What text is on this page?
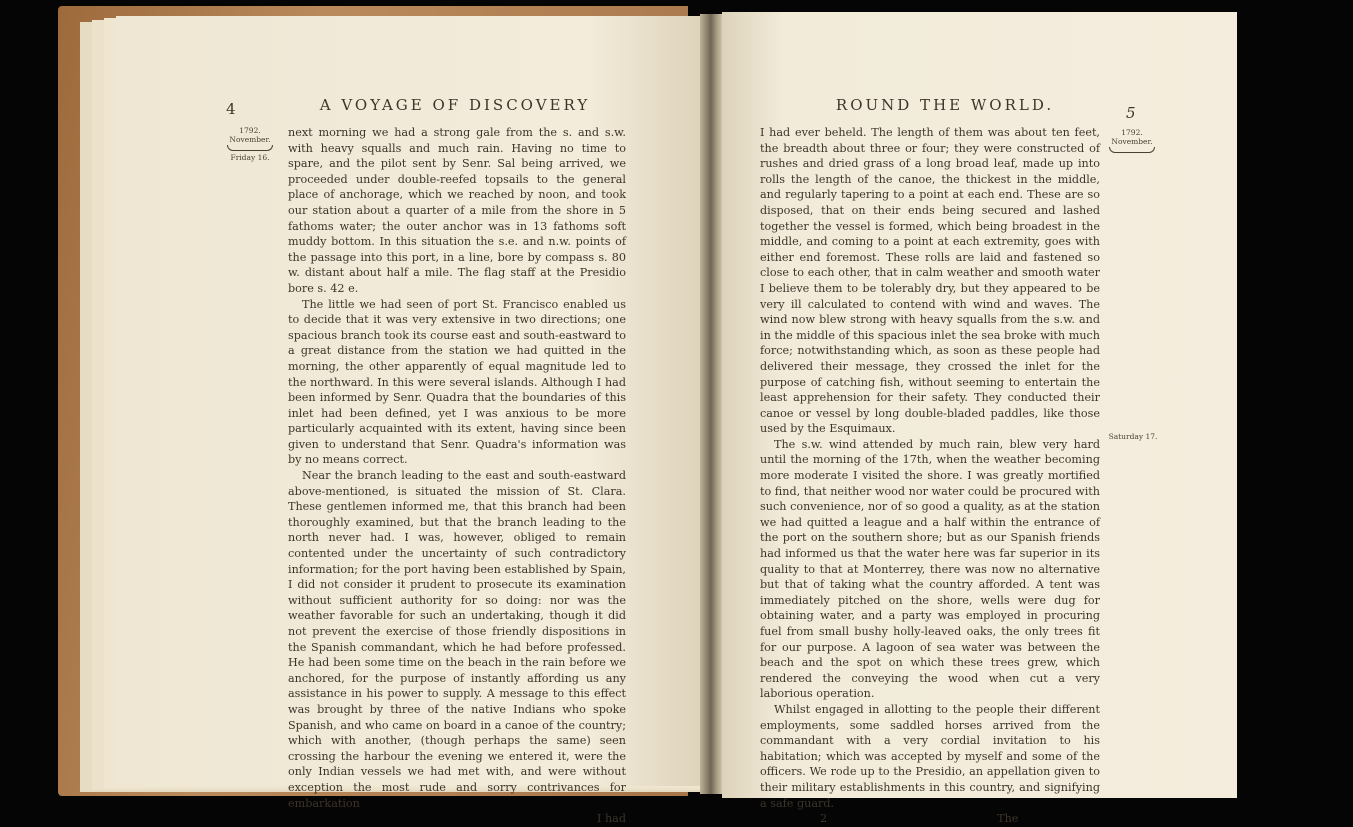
4	A VOYAGE OF DISCOVERY
1792.
November.
Friday 16.

next morning we had a strong gale from the s. and s.w. with heavy squalls and much rain. Having no time to spare, and the pilot sent by Senr. Sal being arrived, we proceeded under double-reefed topsails to the general place of anchorage, which we reached by noon, and took our station about a quarter of a mile from the shore in 5 fathoms water; the outer anchor was in 13 fathoms soft muddy bottom. In this situation the s.e. and n.w. points of the passage into this port, in a line, bore by compass s. 80 w. distant about half a mile. The flag staff at the Presidio bore s. 42 e.

The little we had seen of port St. Francisco enabled us to decide that it was very extensive in two directions; one spacious branch took its course east and south-eastward to a great distance from the station we had quitted in the morning, the other apparently of equal magnitude led to the northward. In this were several islands. Although I had been informed by Senr. Quadra that the boundaries of this inlet had been defined, yet I was anxious to be more particularly acquainted with its extent, having since been given to understand that Senr. Quadra's information was by no means correct.

Near the branch leading to the east and south-eastward above-mentioned, is situated the mission of St. Clara. These gentlemen informed me, that this branch had been thoroughly examined, but that the branch leading to the north never had. I was, however, obliged to remain contented under the uncertainty of such contradictory information; for the port having been established by Spain, I did not consider it prudent to prosecute its examination without sufficient authority for so doing: nor was the weather favorable for such an undertaking, though it did not prevent the exercise of those friendly dispositions in the Spanish commandant, which he had before professed. He had been some time on the beach in the rain before we anchored, for the purpose of instantly affording us any assistance in his power to supply. A message to this effect was brought by three of the native Indians who spoke Spanish, and who came on board in a canoe of the country; which with another, (though perhaps the same) seen crossing the harbour the evening we entered it, were the only Indian vessels we had met with, and were without exception the most rude and sorry contrivances for embarkation

I had

ROUND THE WORLD.	5
1792.
November.
Saturday 17.

I had ever beheld. The length of them was about ten feet, the breadth about three or four; they were constructed of rushes and dried grass of a long broad leaf, made up into rolls the length of the canoe, the thickest in the middle, and regularly tapering to a point at each end. These are so disposed, that on their ends being secured and lashed together the vessel is formed, which being broadest in the middle, and coming to a point at each extremity, goes with either end foremost. These rolls are laid and fastened so close to each other, that in calm weather and smooth water I believe them to be tolerably dry, but they appeared to be very ill calculated to contend with wind and waves. The wind now blew strong with heavy squalls from the s.w. and in the middle of this spacious inlet the sea broke with much force; notwithstanding which, as soon as these people had delivered their message, they crossed the inlet for the purpose of catching fish, without seeming to entertain the least apprehension for their safety. They conducted their canoe or vessel by long double-bladed paddles, like those used by the Esquimaux.

The s.w. wind attended by much rain, blew very hard until the morning of the 17th, when the weather becoming more moderate I visited the shore. I was greatly mortified to find, that neither wood nor water could be procured with such convenience, nor of so good a quality, as at the station we had quitted a league and a half within the entrance of the port on the southern shore; but as our Spanish friends had informed us that the water here was far superior in its quality to that at Monterrey, there was now no alternative but that of taking what the country afforded. A tent was immediately pitched on the shore, wells were dug for obtaining water, and a party was employed in procuring fuel from small bushy holly-leaved oaks, the only trees fit for our purpose. A lagoon of sea water was between the beach and the spot on which these trees grew, which rendered the conveying the wood when cut a very laborious operation.

Whilst engaged in allotting to the people their different employments, some saddled horses arrived from the commandant with a very cordial invitation to his habitation; which was accepted by myself and some of the officers. We rode up to the Presidio, an appellation given to their military establishments in this country, and signifying a safe guard.

2	The
